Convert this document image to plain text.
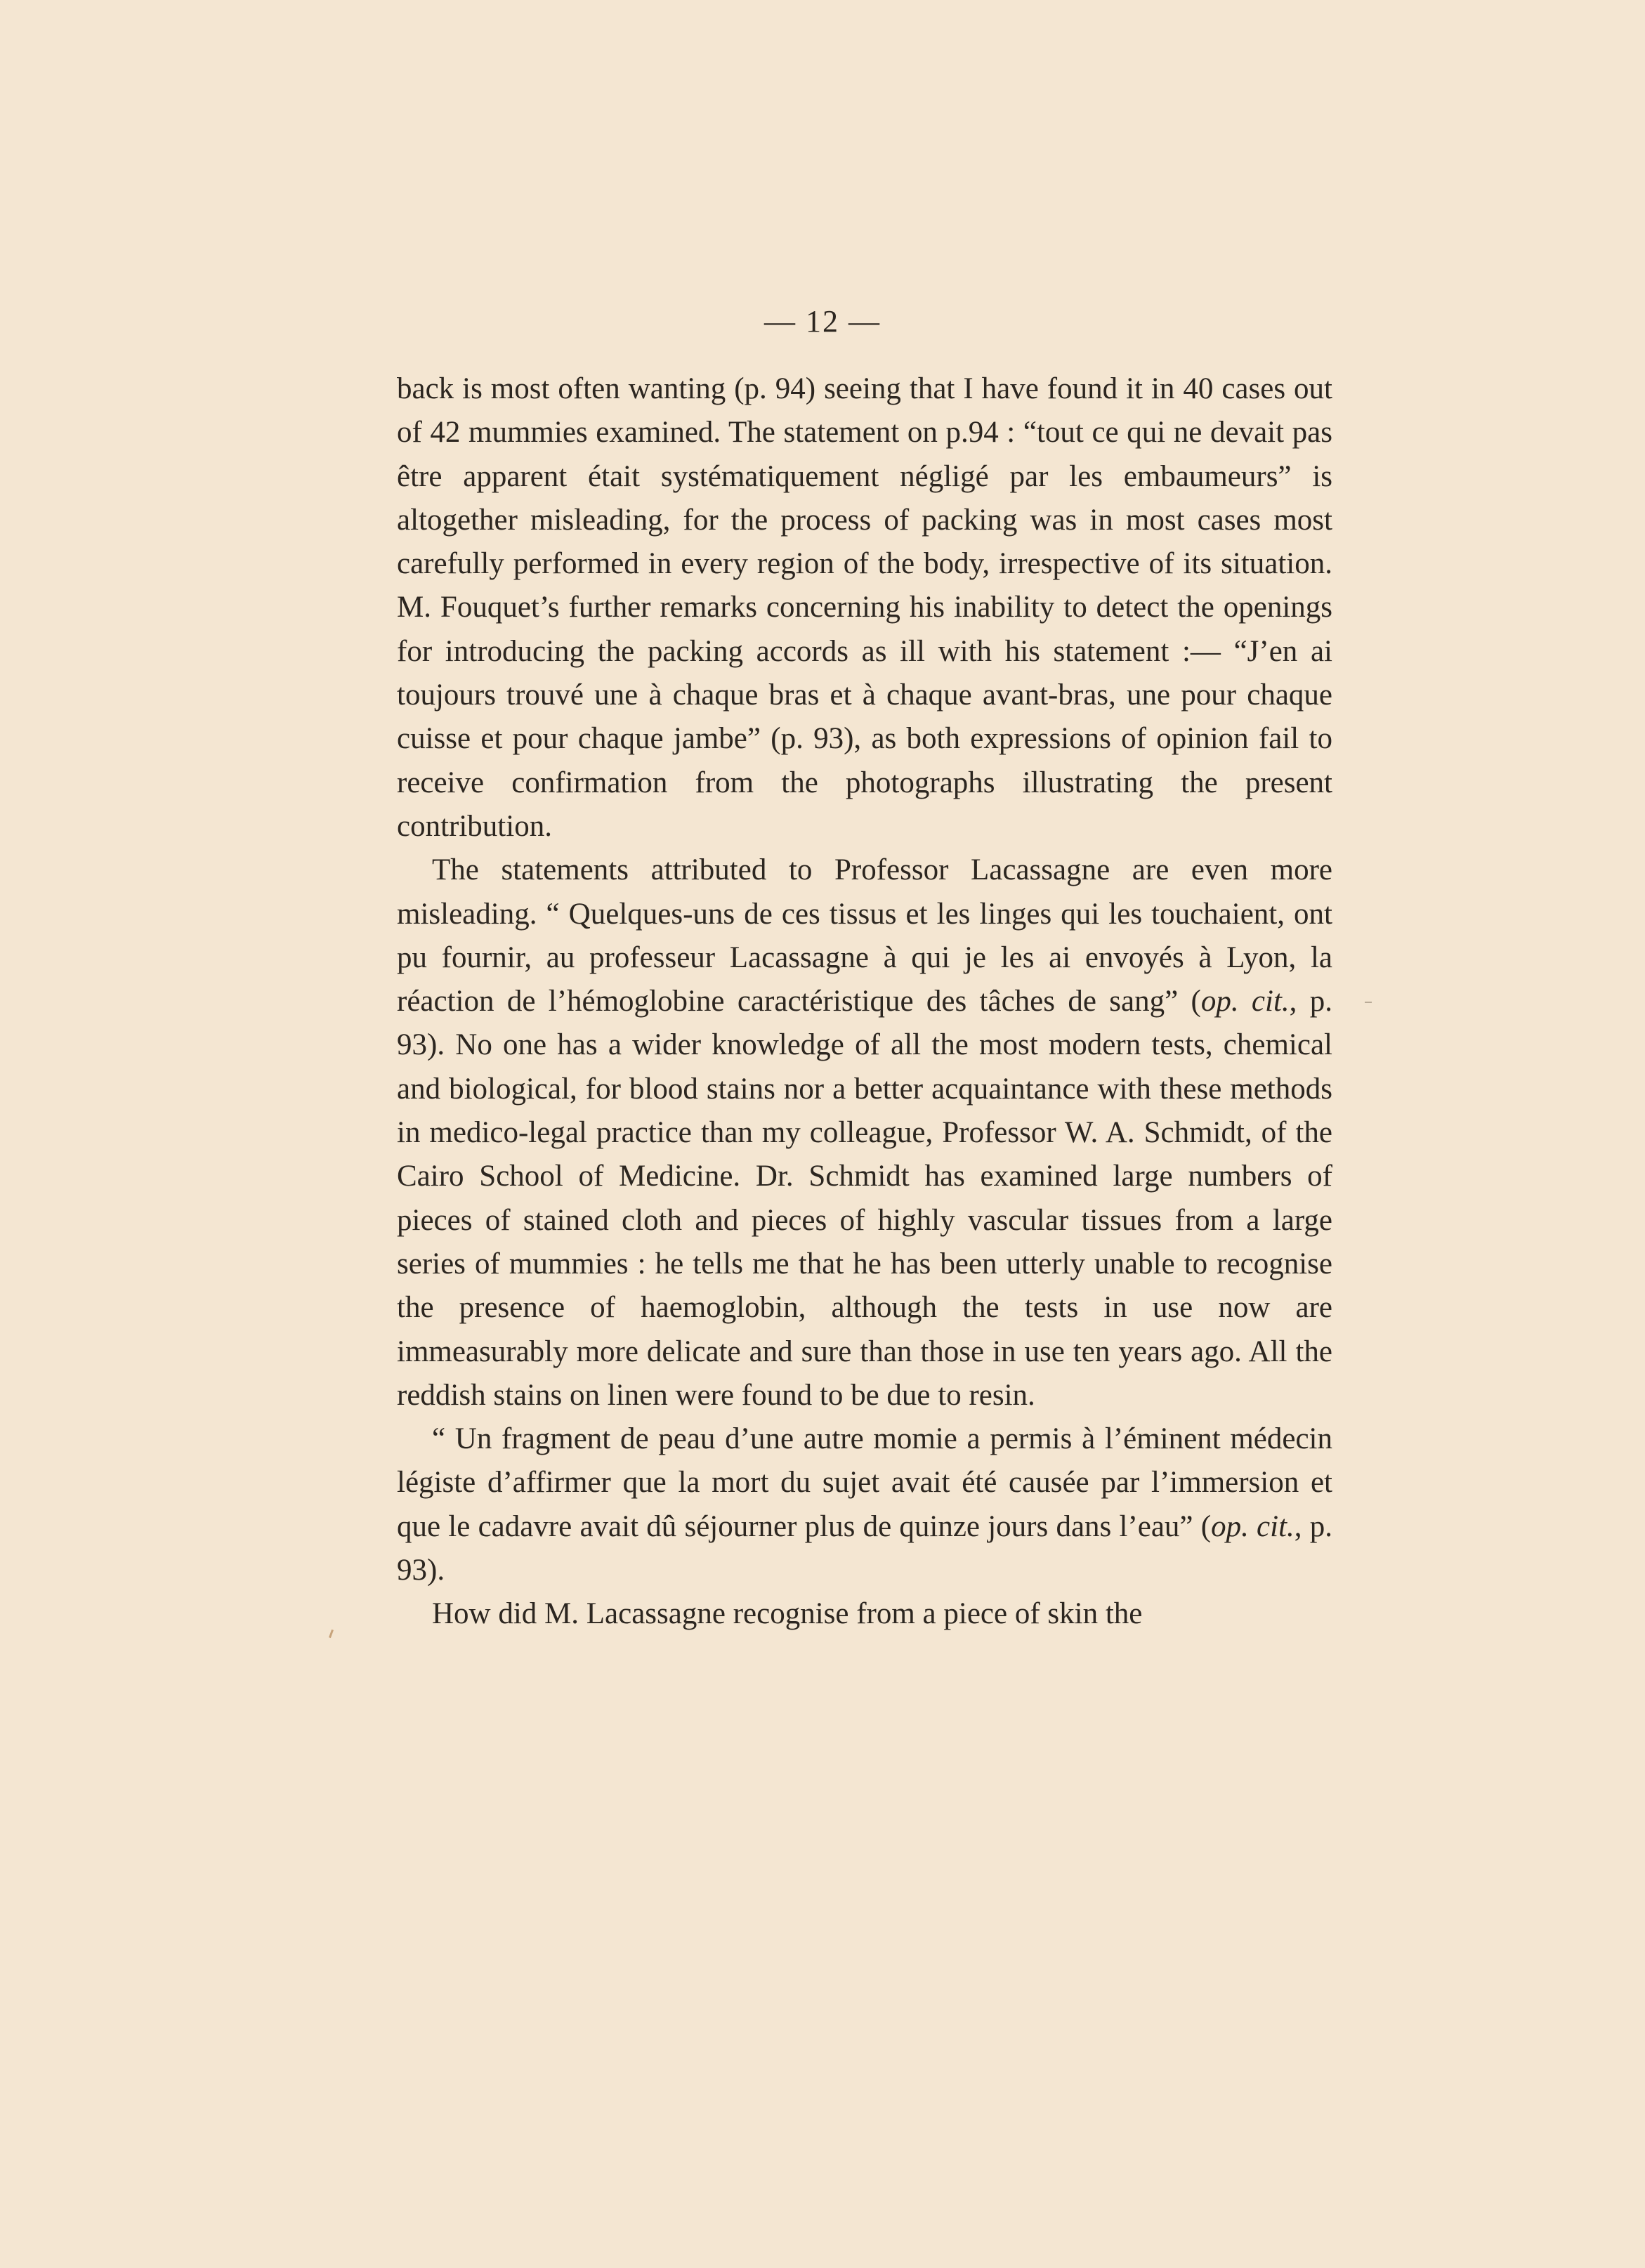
— 12 —

back is most often wanting (p. 94) seeing that I have found it in 40 cases out of 42 mummies examined. The statement on p.94 : “tout ce qui ne devait pas être apparent était systématiquement négligé par les embaumeurs” is altogether misleading, for the process of packing was in most cases most carefully performed in every region of the body, irrespective of its situation. M. Fouquet’s further remarks concerning his inability to detect the openings for introducing the packing accords as ill with his statement :— “J’en ai toujours trouvé une à chaque bras et à chaque avant-bras, une pour chaque cuisse et pour chaque jambe” (p. 93), as both expressions of opinion fail to receive confirmation from the photographs illustrating the present contribution.

The statements attributed to Professor Lacassagne are even more misleading. “ Quelques-uns de ces tissus et les linges qui les touchaient, ont pu fournir, au professeur Lacassagne à qui je les ai envoyés à Lyon, la réaction de l’hémoglobine caractéristique des tâches de sang” (op. cit., p. 93). No one has a wider knowledge of all the most modern tests, chemical and biological, for blood stains nor a better acquaintance with these methods in medico-legal practice than my colleague, Professor W. A. Schmidt, of the Cairo School of Medicine. Dr. Schmidt has examined large numbers of pieces of stained cloth and pieces of highly vascular tissues from a large series of mummies : he tells me that he has been utterly unable to recognise the presence of haemoglobin, although the tests in use now are immeasurably more delicate and sure than those in use ten years ago. All the reddish stains on linen were found to be due to resin.

“ Un fragment de peau d’une autre momie a permis à l’éminent médecin légiste d’affirmer que la mort du sujet avait été causée par l’immersion et que le cadavre avait dû séjourner plus de quinze jours dans l’eau” (op. cit., p. 93).

How did M. Lacassagne recognise from a piece of skin the
